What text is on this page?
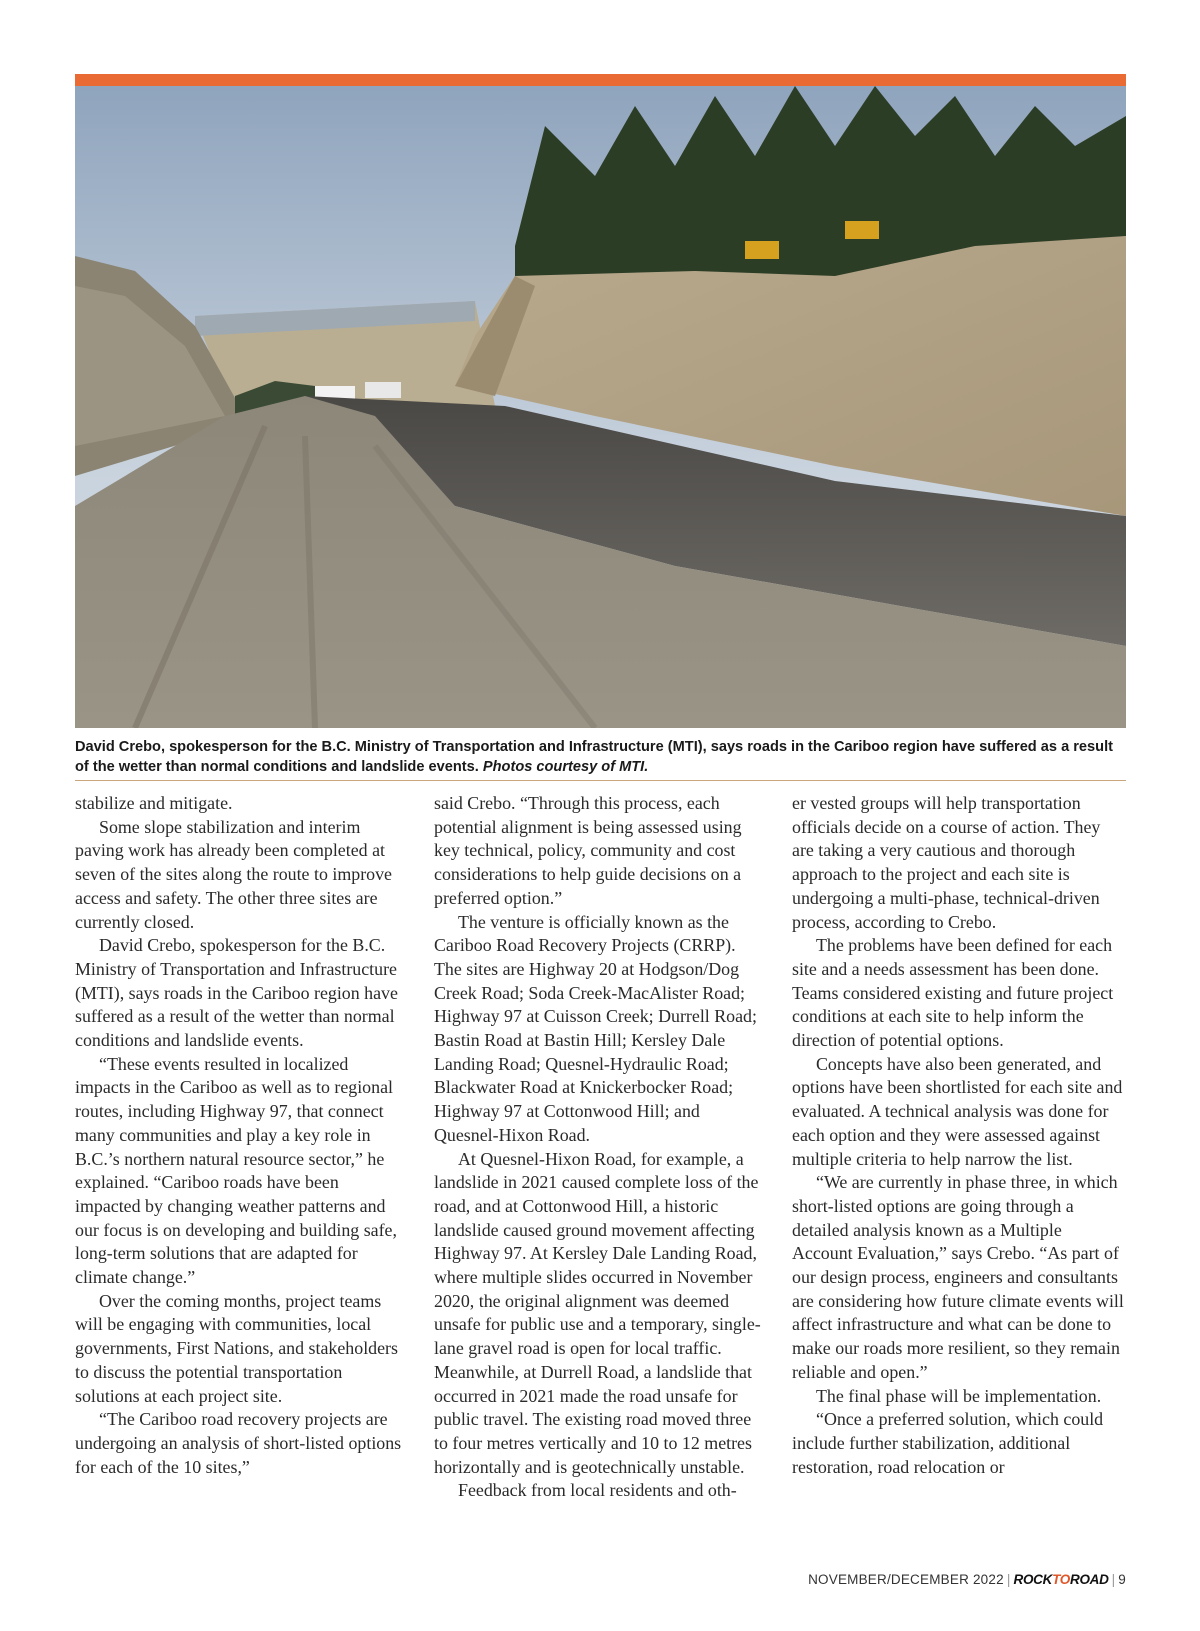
David Crebo, spokesperson for the B.C. Ministry of Transportation and Infrastructure (MTI), says roads in the Cariboo region have suffered as a result of the wetter than normal conditions and landslide events. Photos courtesy of MTI.

stabilize and mitigate.

Some slope stabilization and interim paving work has already been completed at seven of the sites along the route to improve access and safety. The other three sites are currently closed.

David Crebo, spokesperson for the B.C. Ministry of Transportation and Infrastructure (MTI), says roads in the Cariboo region have suffered as a result of the wetter than normal conditions and landslide events.

“These events resulted in localized impacts in the Cariboo as well as to regional routes, including Highway 97, that connect many communities and play a key role in B.C.’s northern natural resource sector,” he explained. “Cariboo roads have been impacted by changing weather patterns and our focus is on developing and building safe, long-term solutions that are adapted for climate change.”

Over the coming months, project teams will be engaging with communities, local governments, First Nations, and stakeholders to discuss the potential transportation solutions at each project site.

“The Cariboo road recovery projects are undergoing an analysis of short-listed options for each of the 10 sites,”

said Crebo. “Through this process, each potential alignment is being assessed using key technical, policy, community and cost considerations to help guide decisions on a preferred option.”

The venture is officially known as the Cariboo Road Recovery Projects (CRRP). The sites are Highway 20 at Hodgson/Dog Creek Road; Soda Creek-MacAlister Road; Highway 97 at Cuisson Creek; Durrell Road; Bastin Road at Bastin Hill; Kersley Dale Landing Road; Quesnel-Hydraulic Road; Blackwater Road at Knickerbocker Road; Highway 97 at Cottonwood Hill; and Quesnel-Hixon Road.

At Quesnel-Hixon Road, for example, a landslide in 2021 caused complete loss of the road, and at Cottonwood Hill, a historic landslide caused ground movement affecting Highway 97. At Kersley Dale Landing Road, where multiple slides occurred in November 2020, the original alignment was deemed unsafe for public use and a temporary, single-lane gravel road is open for local traffic. Meanwhile, at Durrell Road, a landslide that occurred in 2021 made the road unsafe for public travel. The existing road moved three to four metres vertically and 10 to 12 metres horizontally and is geotechnically unstable.

Feedback from local residents and oth-

er vested groups will help transportation officials decide on a course of action. They are taking a very cautious and thorough approach to the project and each site is undergoing a multi-phase, technical-driven process, according to Crebo.

The problems have been defined for each site and a needs assessment has been done. Teams considered existing and future project conditions at each site to help inform the direction of potential options.

Concepts have also been generated, and options have been shortlisted for each site and evaluated. A technical analysis was done for each option and they were assessed against multiple criteria to help narrow the list.

“We are currently in phase three, in which short-listed options are going through a detailed analysis known as a Multiple Account Evaluation,” says Crebo. “As part of our design process, engineers and consultants are considering how future climate events will affect infrastructure and what can be done to make our roads more resilient, so they remain reliable and open.”

The final phase will be implementation.

“Once a preferred solution, which could include further stabilization, additional restoration, road relocation or

NOVEMBER/DECEMBER 2022 | ROCKTOROAD | 9
